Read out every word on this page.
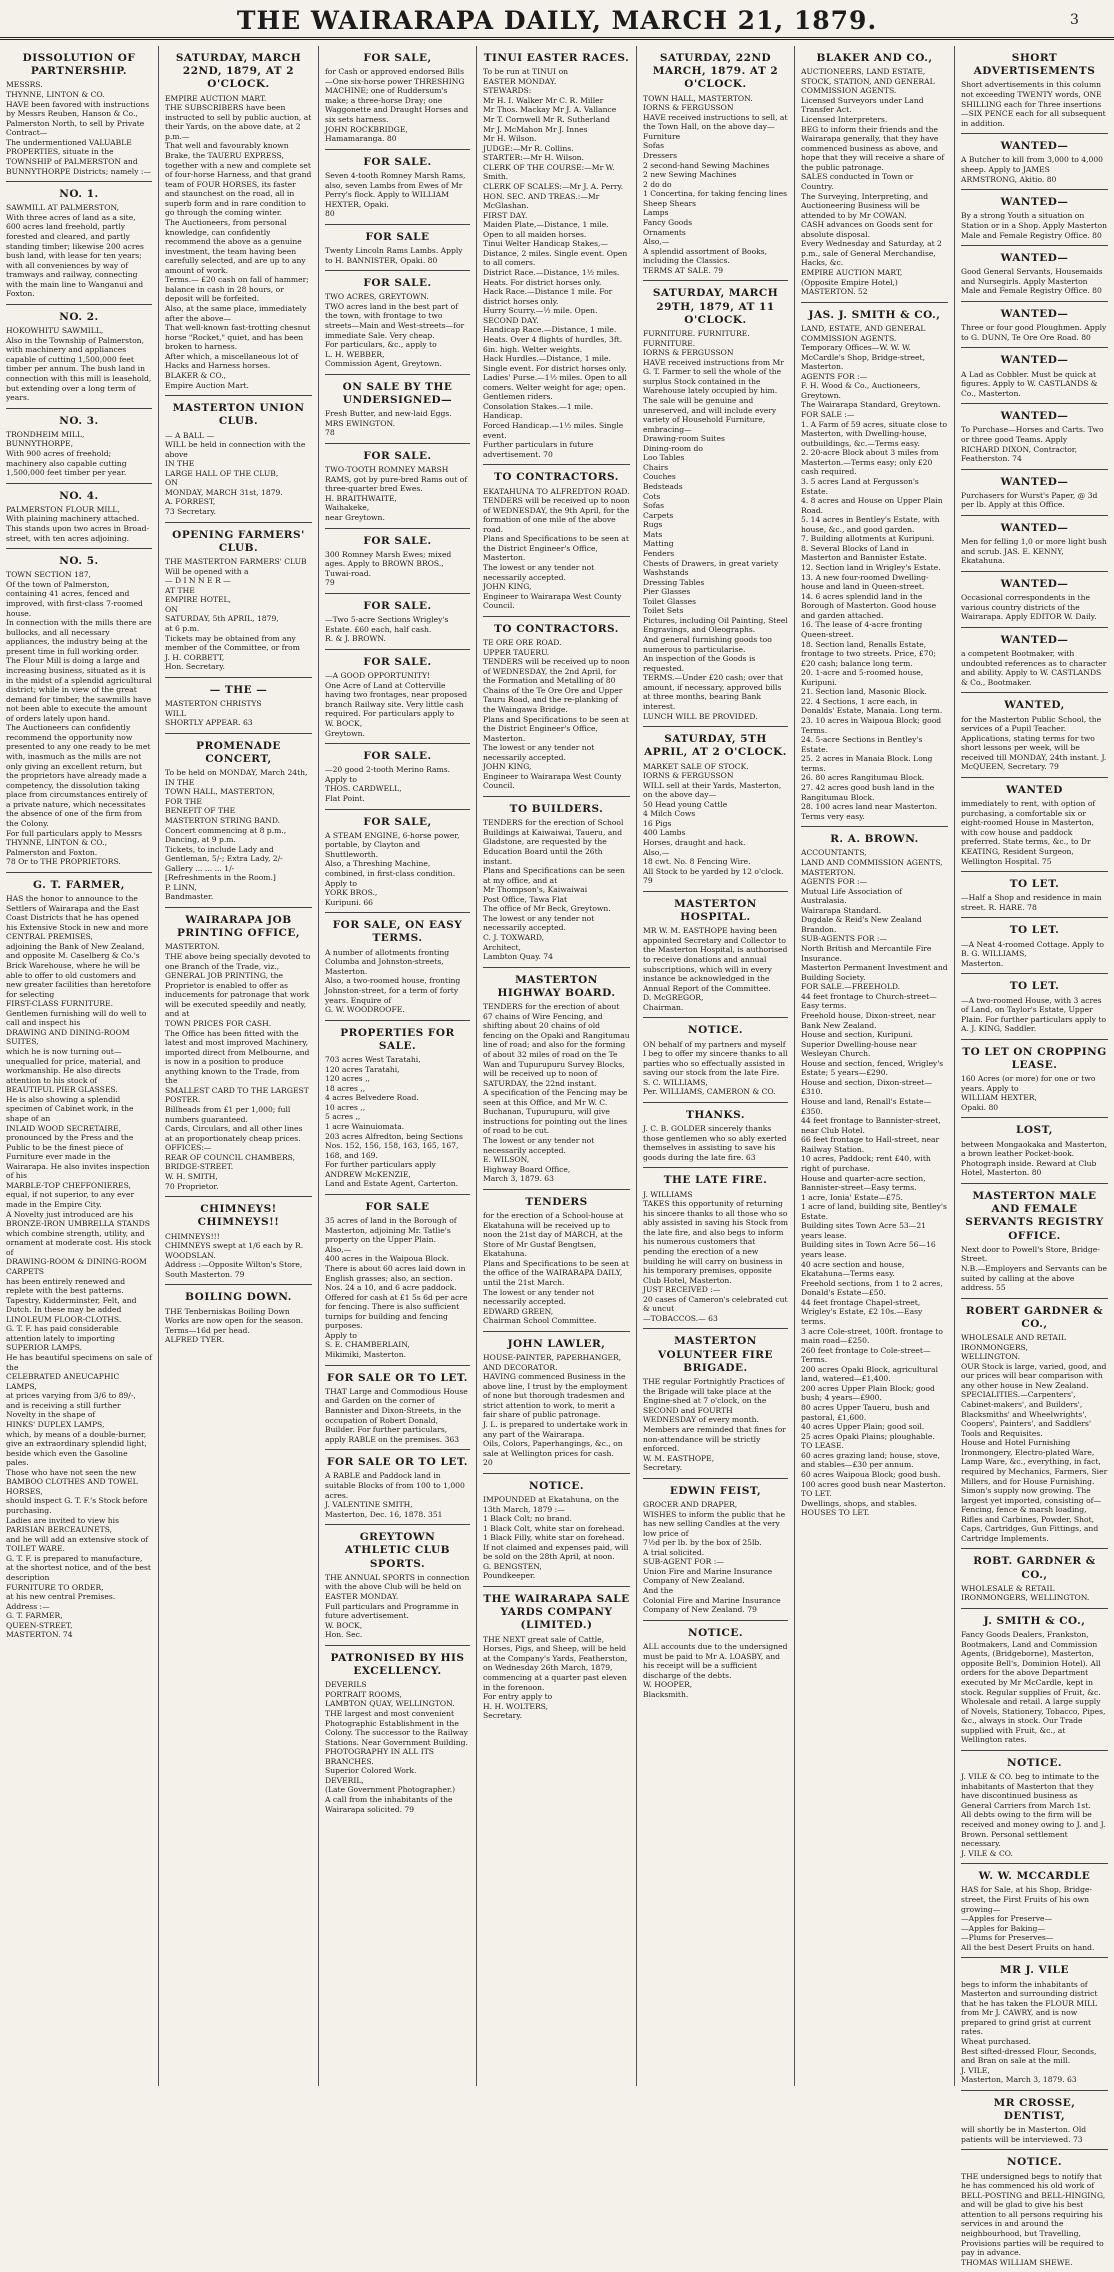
THE WAIRARAPA DAILY, MARCH 21, 1879.	3
DISSOLUTION OF PARTNERSHIP.
MESSRS.
THYNNE, LINTON & CO.
HAVE been favored with instructions by Messrs Reuben, Hanson & Co., Palmerston North, to sell by Private Contract—
The undermentioned VALUABLE PROPERTIES, situate in the TOWNSHIP of PALMERSTON and BUNNYTHORPE Districts; namely :—
NO. 1.
SAWMILL AT PALMERSTON,
With three acres of land as a site, 600 acres land freehold, partly forested and cleared, and partly standing timber; likewise 200 acres bush land, with lease for ten years; with all conveniences by way of tramways and railway, connecting with the main line to Wanganui and Foxton.
NO. 2.
HOKOWHITU SAWMILL,
Also in the Township of Palmerston, with machinery and appliances capable of cutting 1,500,000 feet timber per annum. The bush land in connection with this mill is leasehold, but extending over a long term of years.
NO. 3.
TRONDHEIM MILL, BUNNYTHORPE,
With 900 acres of freehold; machinery also capable cutting 1,500,000 feet timber per year.
NO. 4.
PALMERSTON FLOUR MILL,
With plaining machinery attached. This stands upon two acres in Broad-street, with ten acres adjoining.
NO. 5.
TOWN SECTION 187,
Of the town of Palmerston, containing 41 acres, fenced and improved, with first-class 7-roomed house.
In connection with the mills there are bullocks, and all necessary appliances, the industry being at the present time in full working order.
The Flour Mill is doing a large and increasing business, situated as it is in the midst of a splendid agricultural district; while in view of the great demand for timber, the sawmills have not been able to execute the amount of orders lately upon hand.
The Auctioneers can confidently recommend the opportunity now presented to any one ready to be met with, inasmuch as the mills are not only giving an excellent return, but the proprietors have already made a competency, the dissolution taking place from circumstances entirely of a private nature, which necessitates the absence of one of the firm from the Colony.
For full particulars apply to Messrs
THYNNE, LINTON & CO.,
Palmerston and Foxton.
78 Or to THE PROPRIETORS.
G. T. FARMER,
HAS the honor to announce to the Settlers of Wairarapa and the East Coast Districts that he has opened his Extensive Stock in new and more
CENTRAL PREMISES,
adjoining the Bank of New Zealand, and opposite M. Caselberg & Co.'s Brick Warehouse, where he will be able to offer to old customers and new greater facilities than heretofore for selecting
FIRST-CLASS FURNITURE.
Gentlemen furnishing will do well to call and inspect his
DRAWING AND DINING-ROOM SUITES,
which he is now turning out—unequalled for price, material, and workmanship. He also directs attention to his stock of
BEAUTIFUL PIER GLASSES.
He is also showing a splendid specimen of Cabinet work, in the shape of an
INLAID WOOD SECRETAIRE,
pronounced by the Press and the Public to be the finest piece of Furniture ever made in the Wairarapa. He also invites inspection of his
MARBLE-TOP CHEFFONIERES,
equal, if not superior, to any ever made in the Empire City.
A Novelty just introduced are his
BRONZE-IRON UMBRELLA STANDS
which combine strength, utility, and ornament at moderate cost. His stock of
DRAWING-ROOM & DINING-ROOM CARPETS
has been entirely renewed and replete with the best patterns. Tapestry, Kidderminster, Felt, and Dutch. In these may be added
LINOLEUM FLOOR-CLOTHS.
G. T. F. has paid considerable attention lately to importing
SUPERIOR LAMPS.
He has beautiful specimens on sale of the
CELEBRATED ANEUCAPHIC LAMPS,
at prices varying from 3/6 to 89/-, and is receiving a still further Novelty in the shape of
HINKS' DUPLEX LAMPS,
which, by means of a double-burner, give an extraordinary splendid light, beside which even the Gasoline pales.
Those who have not seen the new
BAMBOO CLOTHES AND TOWEL HORSES,
should inspect G. T. F.'s Stock before purchasing.
Ladies are invited to view his
PARISIAN BERCEAUNETS,
and he will add an extensive stock of
TOILET WARE.
G. T. F. is prepared to manufacture, at the shortest notice, and of the best description
FURNITURE TO ORDER,
at his new central Premises.
Address :—
G. T. FARMER,
QUEEN-STREET,
MASTERTON. 74
SATURDAY, MARCH 22ND, 1879, AT 2 O'CLOCK.
EMPIRE AUCTION MART.
THE SUBSCRIBERS have been instructed to sell by public auction, at their Yards, on the above date, at 2 p.m.—
That well and favourably known Brake, the TAUERU EXPRESS, together with a new and complete set of four-horse Harness, and that grand team of FOUR HORSES, its faster and staunchest on the road, all in superb form and in rare condition to go through the coming winter.
The Auctioneers, from personal knowledge, can confidently recommend the above as a genuine investment, the team having been carefully selected, and are up to any amount of work.
Terms.— £20 cash on fall of hammer; balance in cash in 28 hours, or deposit will be forfeited.
Also, at the same place, immediately after the above—
That well-known fast-trotting chesnut horse "Rocket," quiet, and has been broken to harness.
After which, a miscellaneous lot of Hacks and Harness horses.
BLAKER & CO.,
Empire Auction Mart.
MASTERTON UNION CLUB.
— A BALL —
WILL be held in connection with the above
IN THE
LARGE HALL OF THE CLUB,
ON
MONDAY, MARCH 31st, 1879.
A. FORREST,
73 Secretary.
OPENING FARMERS' CLUB.
THE MASTERTON FARMERS' CLUB
Will be opened with a
— D I N N E R —
AT THE
EMPIRE HOTEL,
ON
SATURDAY, 5th APRIL, 1879,
at 6 p.m.
Tickets may be obtained from any member of the Committee, or from
J. H. CORBETT,
Hon. Secretary.
— THE —
MASTERTON CHRISTYS
WILL
SHORTLY APPEAR. 63
PROMENADE CONCERT,
To be held on MONDAY, March 24th,
IN THE
TOWN HALL, MASTERTON,
FOR THE
BENEFIT OF THE
MASTERTON STRING BAND.
Concert commencing at 8 p.m., Dancing, at 9 p.m.
Tickets, to include Lady and Gentleman, 5/-; Extra Lady, 2/-
Gallery ... ... ... 1/-
[Refreshments in the Room.]
P. LINN,
Bandmaster.
WAIRARAPA JOB PRINTING OFFICE,
MASTERTON.
THE above being specially devoted to one Branch of the Trade, viz., GENERAL JOB PRINTING, the Proprietor is enabled to offer as inducements for patronage that work will be executed speedily and neatly, and at
TOWN PRICES FOR CASH.
The Office has been fitted with the latest and most improved Machinery, imported direct from Melbourne, and is now in a position to produce anything known to the Trade, from the
SMALLEST CARD TO THE LARGEST POSTER.
Billheads from £1 per 1,000; full numbers guaranteed.
Cards, Circulars, and all other lines at an proportionately cheap prices.
OFFICES:—
REAR OF COUNCIL CHAMBERS, BRIDGE-STREET.
W. H. SMITH,
70 Proprietor.
CHIMNEYS! CHIMNEYS!!
CHIMNEYS!!!
CHIMNEYS swept at 1/6 each by R. WOODSLAN.
Address :—Opposite Wilton's Store, South Masterton. 79
BOILING DOWN.
THE Tenberniskas Boiling Down Works are now open for the season.
Terms—16d per head.
ALFRED TYER.
FOR SALE,
for Cash or approved endorsed Bills—One six-horse power THRESHING MACHINE; one of Ruddersum's make; a three-horse Dray; one Waggonette and Draught Horses and six sets harness.
JOHN ROCKBRIDGE,
Hamamaranga. 80
FOR SALE.
Seven 4-tooth Romney Marsh Rams, also, seven Lambs from Ewes of Mr Perry's flock. Apply to WILLIAM HEXTER, Opaki.
80
FOR SALE
Twenty Lincoln Rams Lambs. Apply to H. BANNISTER, Opaki. 80
FOR SALE.
TWO ACRES, GREYTOWN.
TWO acres land in the best part of the town, with frontage to two streets—Main and West-streets—for immediate Sale. Very cheap.
For particulars, &c., apply to
L. H. WEBBER,
Commission Agent, Greytown.
ON SALE BY THE UNDERSIGNED—
Fresh Butter, and new-laid Eggs.
MRS EWINGTON.
78
FOR SALE.
TWO-TOOTH ROMNEY MARSH RAMS, got by pure-bred Rams out of three-quarter bred Ewes.
H. BRAITHWAITE,
Waihakeke,
near Greytown.
FOR SALE.
300 Romney Marsh Ewes; mixed ages. Apply to BROWN BROS., Tuwai-road.
79
FOR SALE.
—Two 5-acre Sections Wrigley's Estate. £60 each, half cash.
R. & J. BROWN.
FOR SALE.
—A GOOD OPPORTUNITY!
One Acre of Land at Cotterville having two frontages, near proposed branch Railway site. Very little cash required. For particulars apply to
W. BOCK,
Greytown.
FOR SALE.
—20 good 2-tooth Merino Rams. Apply to
THOS. CARDWELL,
Flat Point.
FOR SALE,
A STEAM ENGINE, 6-horse power, portable, by Clayton and Shuttleworth.
Also, a Threshing Machine, combined, in first-class condition.
Apply to
YORK BROS.,
Kuripuni. 66
FOR SALE, ON EASY TERMS.
A number of allotments fronting Columba and Johnston-streets, Masterton.
Also, a two-roomed house, fronting Johnston-street, for a term of forty years. Enquire of
G. W. WOODROOFE.
PROPERTIES FOR SALE.
703 acres West Taratahi,
120 acres Taratahi,
120 acres ,,
18 acres ,,
4 acres Belvedere Road.
10 acres ,,
5 acres ,,
1 acre Wainuiomata.
203 acres Alfredton, being Sections Nos. 152, 156, 158, 163, 165, 167, 168, and 169.
For further particulars apply
ANDREW McKENZIE,
Land and Estate Agent, Carterton.
FOR SALE
35 acres of land in the Borough of Masterton, adjoining Mr. Tatlie's property on the Upper Plain.
Also,—
400 acres in the Waipoua Block. There is about 60 acres laid down in English grasses; also, an section. Nos. 24 a 10, and 6 acre paddock. Offered for cash at £1 5s 6d per acre for fencing. There is also sufficient turnips for building and fencing purposes.
Apply to
S. E. CHAMBERLAIN,
Mikimiki, Masterton.
FOR SALE OR TO LET.
THAT Large and Commodious House and Garden on the corner of Bannister and Dixon-Streets, in the occupation of Robert Donald, Builder. For further particulars, apply RABLE on the premises. 363
FOR SALE OR TO LET.
A RABLE and Paddock land in suitable Blocks of from 100 to 1,000 acres.
J. VALENTINE SMITH,
Masterton, Dec. 16, 1878. 351
GREYTOWN ATHLETIC CLUB SPORTS.
THE ANNUAL SPORTS in connection with the above Club will be held on
EASTER MONDAY.
Full particulars and Programme in future advertisement.
W. BOCK,
Hon. Sec.
PATRONISED BY HIS EXCELLENCY.
DEVERILS
PORTRAIT ROOMS,
LAMBTON QUAY, WELLINGTON.
THE largest and most convenient Photographic Establishment in the Colony. The successor to the Railway Stations. Near Government Building.
PHOTOGRAPHY IN ALL ITS BRANCHES.
Superior Colored Work.
DEVERIL,
(Late Government Photographer.)
A call from the inhabitants of the Wairarapa solicited. 79
TINUI EASTER RACES.
To be run at TINUI on
EASTER MONDAY.
STEWARDS:
Mr H. I. Walker Mr C. R. Miller
Mr Thos. Mackay Mr J. A. Vallance
Mr T. Cornwell Mr R. Sutherland
Mr J. McMahon Mr J. Innes
Mr H. Wilson.
JUDGE:—Mr R. Collins.
STARTER:—Mr H. Wilson.
CLERK OF THE COURSE:—Mr W. Smith.
CLERK OF SCALES:—Mr J. A. Perry.
HON. SEC. AND TREAS.:—Mr McGlashan.
FIRST DAY.
Maiden Plate,—Distance, 1 mile. Open to all maiden horses.
Tinui Welter Handicap Stakes,—Distance, 2 miles. Single event. Open to all comers.
District Race.—Distance, 1½ miles. Heats. For district horses only.
Hack Race.—Distance 1 mile. For district horses only.
Hurry Scurry.—½ mile. Open.
SECOND DAY.
Handicap Race.—Distance, 1 mile. Heats. Over 4 flights of hurdles, 3ft. 6in. high. Welter weights.
Hack Hurdles.—Distance, 1 mile. Single event. For district horses only.
Ladies' Purse.—1½ miles. Open to all comers. Welter weight for age; open. Gentlemen riders.
Consolation Stakes.—1 mile. Handicap.
Forced Handicap.—1½ miles. Single event.
Further particulars in future advertisement. 70
TO CONTRACTORS.
EKATAHUNA TO ALFREDTON ROAD.
TENDERS will be received up to noon of WEDNESDAY, the 9th April, for the formation of one mile of the above road.
Plans and Specifications to be seen at the District Engineer's Office, Masterton.
The lowest or any tender not necessarily accepted.
JOHN KING,
Engineer to Wairarapa West County Council.
TO CONTRACTORS.
TE ORE ORE ROAD.
UPPER TAUERU.
TENDERS will be received up to noon of WEDNESDAY, the 2nd April, for the Formation and Metalling of 80 Chains of the Te Ore Ore and Upper Tauru Road, and the re-planking of the Waingawa Bridge.
Plans and Specifications to be seen at the District Engineer's Office, Masterton.
The lowest or any tender not necessarily accepted.
JOHN KING,
Engineer to Wairarapa West County Council.
TO BUILDERS.
TENDERS for the erection of School Buildings at Kaiwaiwai, Taueru, and Gladstone, are requested by the Education Board until the 26th instant.
Plans and Specifications can be seen at my office, and at
Mr Thompson's, Kaiwaiwai
Post Office, Tawa Flat
The office of Mr Beck, Greytown.
The lowest or any tender not necessarily accepted.
C. J. TOXWARD,
Architect,
Lambton Quay. 74
MASTERTON HIGHWAY BOARD.
TENDERS for the erection of about 67 chains of Wire Fencing, and shifting about 20 chains of old fencing on the Opaki and Rangitumau line of road; and also for the forming of about 32 miles of road on the Te Wan and Tupurupuru Survey Blocks, will be received up to noon of SATURDAY, the 22nd instant.
A specification of the Fencing may be seen at this Office, and Mr W. C. Buchanan, Tupurupuru, will give instructions for pointing out the lines of road to be cut.
The lowest or any tender not necessarily accepted.
E. WILSON,
Highway Board Office,
March 3, 1879. 63
TENDERS
for the erection of a School-house at Ekatahuna will be received up to noon the 21st day of MARCH, at the Store of Mr Gustaf Bengtsen, Ekatahuna.
Plans and Specifications to be seen at the office of the WAIRARAPA DAILY, until the 21st March.
The lowest or any tender not necessarily accepted.
EDWARD GREEN,
Chairman School Committee.
JOHN LAWLER,
HOUSE-PAINTER, PAPERHANGER, AND DECORATOR.
HAVING commenced Business in the above line, I trust by the employment of none but thorough tradesmen and strict attention to work, to merit a fair share of public patronage.
J. L. is prepared to undertake work in any part of the Wairarapa.
Oils, Colors, Paperhangings, &c., on sale at Wellington prices for cash.
20
NOTICE.
IMPOUNDED at Ekatahuna, on the 13th March, 1879 :—
1 Black Colt; no brand.
1 Black Colt, white star on forehead.
1 Black Filly, white star on forehead.
If not claimed and expenses paid, will be sold on the 28th April, at noon.
G. BENGSTEN,
Poundkeeper.
THE WAIRARAPA SALE YARDS COMPANY (LIMITED.)
THE NEXT great sale of Cattle, Horses, Pigs, and Sheep, will be held at the Company's Yards, Featherston, on Wednesday 26th March, 1879, commencing at a quarter past eleven in the forenoon.
For entry apply to
H. H. WOLTERS,
Secretary.
SATURDAY, 22ND MARCH, 1879. AT 2 O'CLOCK.
TOWN HALL, MASTERTON.
IORNS & FERGUSSON
HAVE received instructions to sell, at the Town Hall, on the above day—
Furniture
Sofas
Dressers
2 second-hand Sewing Machines
2 new Sewing Machines
2 do do
1 Concertina, for taking fencing lines
Sheep Shears
Lamps
Fancy Goods
Ornaments
Also,—
A splendid assortment of Books, including the Classics.
TERMS AT SALE. 79
SATURDAY, MARCH 29TH, 1879, AT 11 O'CLOCK.
FURNITURE. FURNITURE. FURNITURE.
IORNS & FERGUSSON
HAVE received instructions from Mr G. T. Farmer to sell the whole of the surplus Stock contained in the Warehouse lately occupied by him. The sale will be genuine and unreserved, and will include every variety of Household Furniture,
embracing—
Drawing-room Suites
Dining-room do
Loo Tables
Chairs
Couches
Bedsteads
Cots
Sofas
Carpets
Rugs
Mats
Matting
Fenders
Chests of Drawers, in great variety
Washstands
Dressing Tables
Pier Glasses
Toilet Glasses
Toilet Sets
Pictures, including Oil Painting, Steel Engravings, and Oleographs.
And general furnishing goods too numerous to particularise.
An inspection of the Goods is requested.
TERMS.—Under £20 cash; over that amount, if necessary, approved bills at three months, bearing Bank interest.
LUNCH WILL BE PROVIDED.
SATURDAY, 5TH APRIL, AT 2 O'CLOCK.
MARKET SALE OF STOCK.
IORNS & FERGUSSON
WILL sell at their Yards, Masterton, on the above day—
50 Head young Cattle
4 Milch Cows
16 Pigs
400 Lambs
Horses, draught and hack.
Also,—
18 cwt. No. 8 Fencing Wire.
All Stock to be yarded by 12 o'clock. 79
MASTERTON HOSPITAL.
MR W. M. EASTHOPE having been appointed Secretary and Collector to the Masterton Hospital, is authorised to receive donations and annual subscriptions, which will in every instance be acknowledged in the Annual Report of the Committee.
D. McGREGOR,
Chairman.
NOTICE.
ON behalf of my partners and myself I beg to offer my sincere thanks to all parties who so effectually assisted in saving our stock from the late Fire.
S. C. WILLIAMS,
Per. WILLIAMS, CAMERON & CO.
THANKS.
J. C. B. GOLDER sincerely thanks those gentlemen who so ably exerted themselves in assisting to save his goods during the late fire. 63
THE LATE FIRE.
J. WILLIAMS
TAKES this opportunity of returning his sincere thanks to all those who so ably assisted in saving his Stock from the late fire, and also begs to inform his numerous customers that pending the erection of a new building he will carry on business in his temporary premises, opposite Club Hotel, Masterton.
JUST RECEIVED :—
20 cases of Cameron's celebrated cut & uncut
—TOBACCOS.— 63
MASTERTON VOLUNTEER FIRE BRIGADE.
THE regular Fortnightly Practices of the Brigade will take place at the Engine-shed at 7 o'clock, on the SECOND and FOURTH WEDNESDAY of every month.
Members are reminded that fines for non-attendance will be strictly enforced.
W. M. EASTHOPE,
Secretary.
EDWIN FEIST,
GROCER AND DRAPER,
WISHES to inform the public that he has new selling Candles at the very low price of
7½d per lb. by the box of 25lb.
A trial solicited.
SUB-AGENT FOR :—
Union Fire and Marine Insurance Company of New Zealand.
And the
Colonial Fire and Marine Insurance Company of New Zealand. 79
NOTICE.
ALL accounts due to the undersigned must be paid to Mr A. LOASBY, and his receipt will be a sufficient discharge of the debts.
W. HOOPER,
Blacksmith.
BLAKER AND CO.,
AUCTIONEERS, LAND ESTATE,
STOCK, STATION, AND GENERAL
COMMISSION AGENTS.
Licensed Surveyors under Land Transfer Act.
Licensed Interpreters.
BEG to inform their friends and the Wairarapa generally, that they have commenced business as above, and hope that they will receive a share of the public patronage.
SALES conducted in Town or Country.
The Surveying, Interpreting, and Auctioneering Business will be attended to by Mr COWAN.
CASH advances on Goods sent for absolute disposal.
Every Wednesday and Saturday, at 2 p.m., sale of General Merchandise, Hacks, &c.
EMPIRE AUCTION MART,
(Opposite Empire Hotel,)
MASTERTON. 52
JAS. J. SMITH & CO.,
LAND, ESTATE, AND GENERAL COMMISSION AGENTS.
Temporary Offices—W. W. W. McCardle's Shop, Bridge-street, Masterton.
AGENTS FOR :—
F. H. Wood & Co., Auctioneers, Greytown.
The Wairarapa Standard, Greytown.
FOR SALE :—
1. A Farm of 59 acres, situate close to Masterton, with Dwelling-house, outbuildings, &c.—Terms easy.
2. 20-acre Block about 3 miles from Masterton.—Terms easy; only £20 cash required.
3. 5 acres Land at Fergusson's Estate.
4. 8 acres and House on Upper Plain Road.
5. 14 acres in Bentley's Estate, with house, &c., and good garden.
7. Building allotments at Kuripuni.
8. Several Blocks of Land in Masterton and Bannister Estate.
12. Section land in Wrigley's Estate.
13. A new four-roomed Dwelling-house and land in Queen-street.
14. 6 acres splendid land in the Borough of Masterton. Good house and garden attached.
16. The lease of 4-acre fronting Queen-street.
18. Section land, Renalls Estate, frontage to two streets. Price, £70; £20 cash; balance long term.
20. 1-acre and 5-roomed house, Kuripuni.
21. Section land, Masonic Block.
22. 4 Sections, 1 acre each, in Donalds' Estate, Manaia. Long term.
23. 10 acres in Waipoua Block; good Terms.
24. 5-acre Sections in Bentley's Estate.
25. 2 acres in Manaia Block. Long terms.
26. 80 acres Rangitumau Block.
27. 42 acres good bush land in the Rangitumau Block.
28. 100 acres land near Masterton. Terms very easy.
R. A. BROWN.
ACCOUNTANTS,
LAND AND COMMISSION AGENTS,
MASTERTON.
AGENTS FOR :—
Mutual Life Association of Australasia.
Wairarapa Standard.
Dugdale & Reid's New Zealand Brandon.
SUB-AGENTS FOR :—
North British and Mercantile Fire Insurance.
Masterton Permanent Investment and Building Society.
FOR SALE.—FREEHOLD.
44 feet frontage to Church-street—Easy terms.
Freehold house, Dixon-street, near Bank New Zealand.
House and section, Kuripuni.
Superior Dwelling-house near Wesleyan Church.
House and section, fenced, Wrigley's Estate; 5 years—£290.
House and section, Dixon-street—£310.
House and land, Renall's Estate—£350.
44 feet frontage to Bannister-street, near Club Hotel.
66 feet frontage to Hall-street, near Railway Station.
10 acres, Paddock; rent £40, with right of purchase.
House and quarter-acre section, Bannister-street—Easy terms.
1 acre, Ionia' Estate—£75.
1 acre of land, building site, Bentley's Estate.
Building sites Town Acre 53—21 years lease.
Building sites in Town Acre 56—16 years lease.
40 acre section and house, Ekatahuna—Terms easy.
Freehold sections, from 1 to 2 acres, Donald's Estate—£50.
44 feet frontage Chapel-street, Wrigley's Estate, £2 10s.—Easy terms.
3 acre Cole-street, 100ft. frontage to main road—£250.
260 feet frontage to Cole-street—Terms.
200 acres Opaki Block, agricultural land, watered—£1,400.
200 acres Upper Plain Block; good bush; 4 years—£900.
80 acres Upper Taueru, bush and pastoral, £1,600.
40 acres Upper Plain; good soil.
25 acres Opaki Plains; ploughable.
TO LEASE.
60 acres grazing land; house, stove, and stables—£30 per annum.
60 acres Waipoua Block; good bush.
100 acres good bush near Masterton.
TO LET.
Dwellings, shops, and stables.
HOUSES TO LET.
SHORT ADVERTISEMENTS
Short advertisements in this column not exceeding TWENTY words, ONE SHILLING each for Three insertions—SIX PENCE each for all subsequent in addition.
WANTED—
A Butcher to kill from 3,000 to 4,000 sheep. Apply to JAMES ARMSTRONG, Akitio. 80
WANTED—
By a strong Youth a situation on Station or in a Shop. Apply Masterton Male and Female Registry Office. 80
WANTED—
Good General Servants, Housemaids and Nursegirls. Apply Masterton Male and Female Registry Office. 80
WANTED—
Three or four good Ploughmen. Apply to G. DUNN, Te Ore Ore Road. 80
WANTED—
A Lad as Cobbler. Must be quick at figures. Apply to W. CASTLANDS & Co., Masterton.
WANTED—
To Purchase—Horses and Carts. Two or three good Teams. Apply RICHARD DIXON, Contractor, Featherston. 74
WANTED—
Purchasers for Wurst's Paper, @ 3d per lb. Apply at this Office.
WANTED—
Men for felling 1,0 or more light bush and scrub. JAS. E. KENNY, Ekatahuna.
WANTED—
Occasional correspondents in the various country districts of the Wairarapa. Apply EDITOR W. Daily.
WANTED—
a competent Bootmaker, with undoubted references as to character and ability. Apply to W. CASTLANDS & Co., Bootmaker.
WANTED,
for the Masterton Public School, the services of a Pupil Teacher. Applications, stating terms for two short lessons per week, will be received till MONDAY, 24th instant. J. McQUEEN, Secretary. 79
WANTED
immediately to rent, with option of purchasing, a comfortable six or eight-roomed House in Masterton, with cow house and paddock preferred. State terms, &c., to Dr KEATING, Resident Surgeon, Wellington Hospital. 75
TO LET.
—Half a Shop and residence in main street. R. HARE. 78
TO LET.
—A Neat 4-roomed Cottage. Apply to
B. G. WILLIAMS,
Masterton.
TO LET.
—A two-roomed House, with 3 acres of Land, on Taylor's Estate, Upper Plain. For further particulars apply to A. J. KING, Saddler.
TO LET ON CROPPING LEASE.
160 Acres (or more) for one or two years. Apply to
WILLIAM HEXTER,
Opaki. 80
LOST,
between Mongaokaka and Masterton, a brown leather Pocket-book. Photograph inside. Reward at Club Hotel, Masterton. 80
MASTERTON MALE AND FEMALE SERVANTS REGISTRY OFFICE.
Next door to Powell's Store, Bridge-Street.
N.B.—Employers and Servants can be suited by calling at the above address. 55
ROBERT GARDNER & CO.,
WHOLESALE AND RETAIL IRONMONGERS,
WELLINGTON.
OUR Stock is large, varied, good, and our prices will bear comparison with any other house in New Zealand.
SPECIALITIES.—Carpenters', Cabinet-makers', and Builders', Blacksmiths' and Wheelwrights', Coopers', Painters', and Saddlers' Tools and Requisites.
House and Hotel Furnishing Ironmongery, Electro-plated Ware, Lamp Ware, &c., everything, in fact, required by Mechanics, Farmers, Sier Millers, and for House Furnishing.
Simon's supply now growing. The largest yet imported, consisting of—Fencing, fence & marsh loading, Rifles and Carbines, Powder, Shot, Caps, Cartridges, Gun Fittings, and Cartridge Implements.
ROBT. GARDNER & CO.,
WHOLESALE & RETAIL IRONMONGERS, WELLINGTON.
J. SMITH & CO.,
Fancy Goods Dealers, Frankston, Bootmakers, Land and Commission Agents, (Bridgeborne), Masterton, opposite Bell's, Dominion Hotel). All orders for the above Department executed by Mr McCardle, kept in stock. Regular supplies of Fruit, &c. Wholesale and retail. A large supply of Novels, Stationery, Tobacco, Pipes, &c., always in stock. Our Trade supplied with Fruit, &c., at Wellington rates.
NOTICE.
J. VILE & CO. beg to intimate to the inhabitants of Masterton that they have discontinued business as General Carriers from March 1st.
All debts owing to the firm will be received and money owing to J. and J. Brown. Personal settlement necessary.
J. VILE & CO.
W. W. MCCARDLE
HAS for Sale, at his Shop, Bridge-street, the First Fruits of his own growing—
—Apples for Preserve—
—Apples for Baking—
—Plums for Preserves—
All the best Desert Fruits on hand.
MR J. VILE
begs to inform the inhabitants of Masterton and surrounding district that he has taken the FLOUR MILL from Mr J. CAWRY, and is now prepared to grind grist at current rates.
Wheat purchased.
Best sifted-dressed Flour, Seconds, and Bran on sale at the mill.
J. VILE,
Masterton, March 3, 1879. 63
MR CROSSE, DENTIST,
will shortly be in Masterton. Old patients will be interviewed. 73
NOTICE.
THE undersigned begs to notify that he has commenced his old work of BELL-POSTING and BELL-HINGING, and will be glad to give his best attention to all persons requiring his services in and around the neighbourhood, but Travelling, Provisions parties will be required to pay in advance.
THOMAS WILLIAM SHEWE.
